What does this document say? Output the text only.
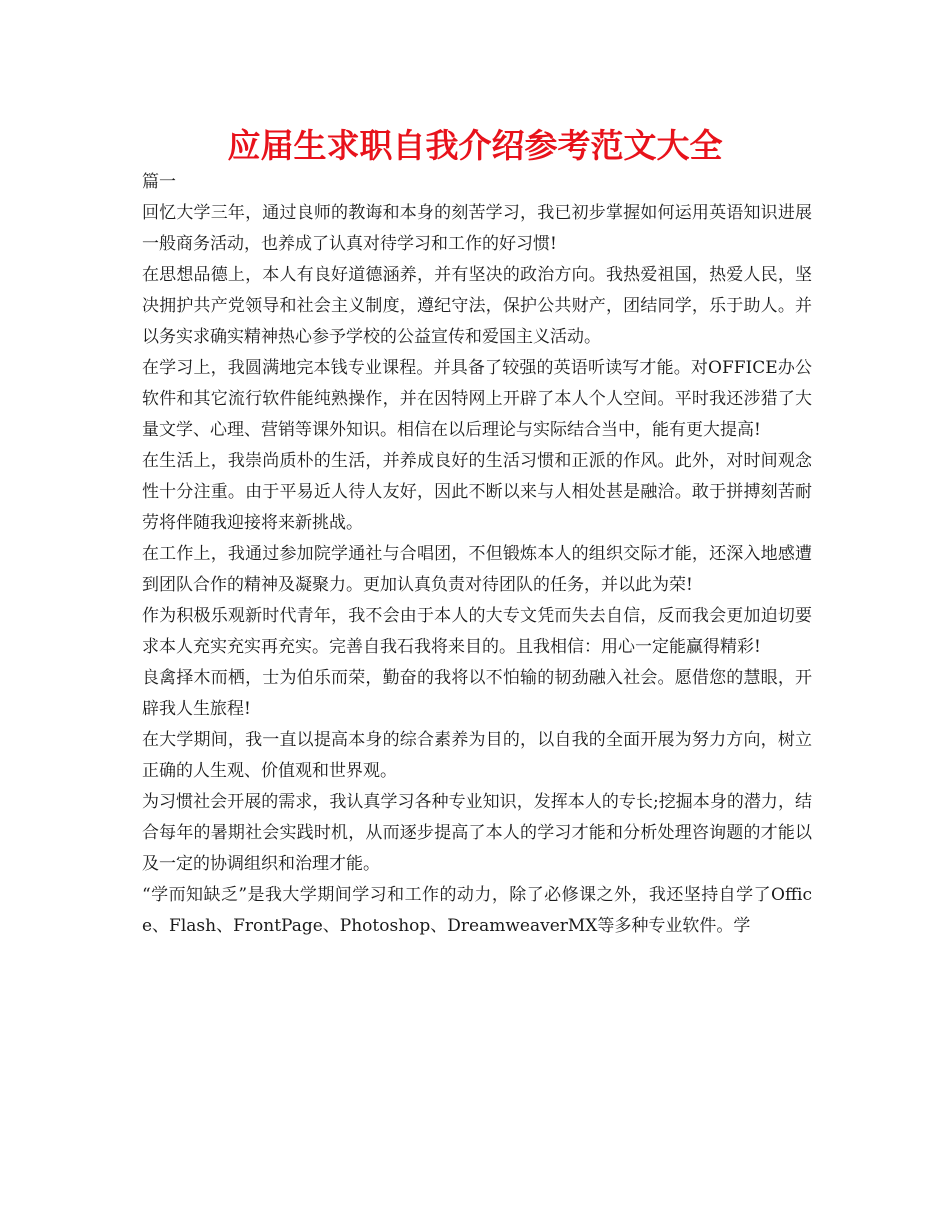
应届生求职自我介绍参考范文大全
篇一

回忆大学三年，通过良师的教诲和本身的刻苦学习，我已初步掌握如何运用英语知识进展一般商务活动，也养成了认真对待学习和工作的好习惯!

在思想品德上，本人有良好道德涵养，并有坚决的政治方向。我热爱祖国，热爱人民，坚决拥护共产党领导和社会主义制度，遵纪守法，保护公共财产，团结同学，乐于助人。并以务实求确实精神热心参予学校的公益宣传和爱国主义活动。

在学习上，我圆满地完本钱专业课程。并具备了较强的英语听读写才能。对OFFICE办公软件和其它流行软件能纯熟操作，并在因特网上开辟了本人个人空间。平时我还涉猎了大量文学、心理、营销等课外知识。相信在以后理论与实际结合当中，能有更大提高!

在生活上，我崇尚质朴的生活，并养成良好的生活习惯和正派的作风。此外，对时间观念性十分注重。由于平易近人待人友好，因此不断以来与人相处甚是融洽。敢于拼搏刻苦耐劳将伴随我迎接将来新挑战。

在工作上，我通过参加院学通社与合唱团，不但锻炼本人的组织交际才能，还深入地感遭到团队合作的精神及凝聚力。更加认真负责对待团队的任务，并以此为荣!

作为积极乐观新时代青年，我不会由于本人的大专文凭而失去自信，反而我会更加迫切要求本人充实充实再充实。完善自我石我将来目的。且我相信：用心一定能赢得精彩!

良禽择木而栖，士为伯乐而荣，勤奋的我将以不怕输的韧劲融入社会。愿借您的慧眼，开辟我人生旅程!

在大学期间，我一直以提高本身的综合素养为目的，以自我的全面开展为努力方向，树立正确的人生观、价值观和世界观。

为习惯社会开展的需求，我认真学习各种专业知识，发挥本人的专长;挖掘本身的潜力，结合每年的暑期社会实践时机，从而逐步提高了本人的学习才能和分析处理咨询题的才能以及一定的协调组织和治理才能。

“学而知缺乏”是我大学期间学习和工作的动力，除了必修课之外，我还坚持自学了Office、Flash、FrontPage、Photoshop、DreamweaverMX等多种专业软件。学
